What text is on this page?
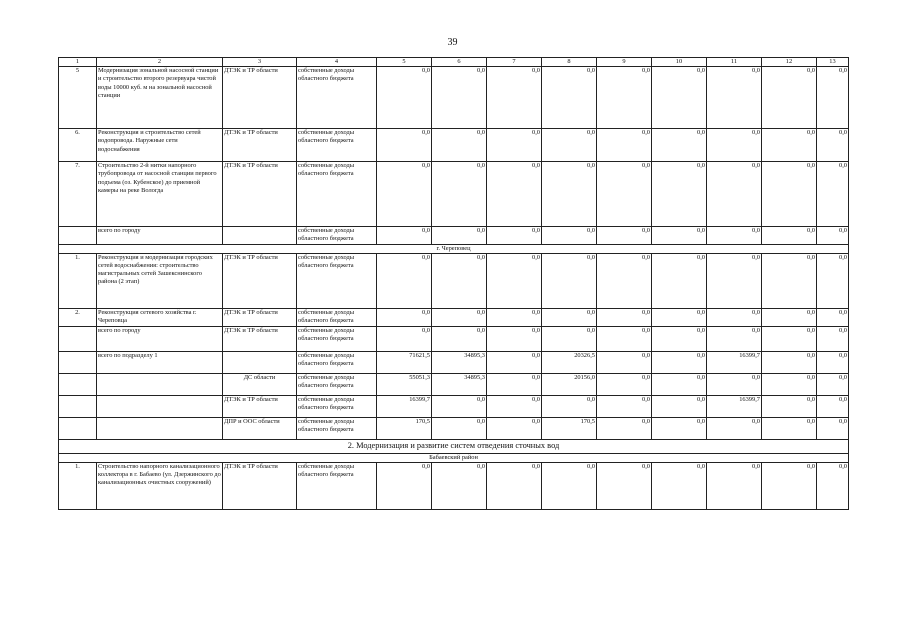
39
1	2	3	4	5	6	7	8	9	10	11	12	13
5	Модернизация зональной насосной станции и строительство второго резервуара чистой воды 10000 куб. м на зональной насосной станции	ДТЭК и ТР области	собственные доходы областного бюджета	0,0	0,0	0,0	0,0	0,0	0,0	0,0	0,0	0,0
6.	Реконструкция и строительство сетей водопровода. Наружные сети водоснабжения	ДТЭК и ТР области	собственные доходы областного бюджета	0,0	0,0	0,0	0,0	0,0	0,0	0,0	0,0	0,0
7.	Строительство 2-й нитки напорного трубопровода от насосной станции первого подъема (оз. Кубенское) до приемной камеры на реке Вологда	ДТЭК и ТР области	собственные доходы областного бюджета	0,0	0,0	0,0	0,0	0,0	0,0	0,0	0,0	0,0
	всего по городу		собственные доходы областного бюджета	0,0	0,0	0,0	0,0	0,0	0,0	0,0	0,0	0,0
г. Череповец												
1.	Реконструкция и модернизация городских сетей водоснабжения: строительство магистральных сетей Зашекснинского района (2 этап)	ДТЭК и ТР области	собственные доходы областного бюджета	0,0	0,0	0,0	0,0	0,0	0,0	0,0	0,0	0,0
2.	Реконструкция сетевого хозяйства г. Череповца	ДТЭК и ТР области	собственные доходы областного бюджета	0,0	0,0	0,0	0,0	0,0	0,0	0,0	0,0	0,0
	всего по городу	ДТЭК и ТР области	собственные доходы областного бюджета	0,0	0,0	0,0	0,0	0,0	0,0	0,0	0,0	0,0
	всего по подразделу 1		собственные доходы областного бюджета	71621,5	34895,3	0,0	20326,5	0,0	0,0	16399,7	0,0	0,0
		ДС области	собственные доходы областного бюджета	55051,3	34895,3	0,0	20156,0	0,0	0,0	0,0	0,0	0,0
		ДТЭК и ТР области	собственные доходы областного бюджета	16399,7	0,0	0,0	0,0	0,0	0,0	16399,7	0,0	0,0
		ДПР и ООС области	собственные доходы областного бюджета	170,5	0,0	0,0	170,5	0,0	0,0	0,0	0,0	0,0
2. Модернизация и развитие систем отведения сточных вод												
Бабаевский район												
1.	Строительство напорного канализационного коллектора в г. Бабаево (ул. Дзержинского до канализационных очистных сооружений)	ДТЭК и ТР области	собственные доходы областного бюджета	0,0	0,0	0,0	0,0	0,0	0,0	0,0	0,0	0,0
